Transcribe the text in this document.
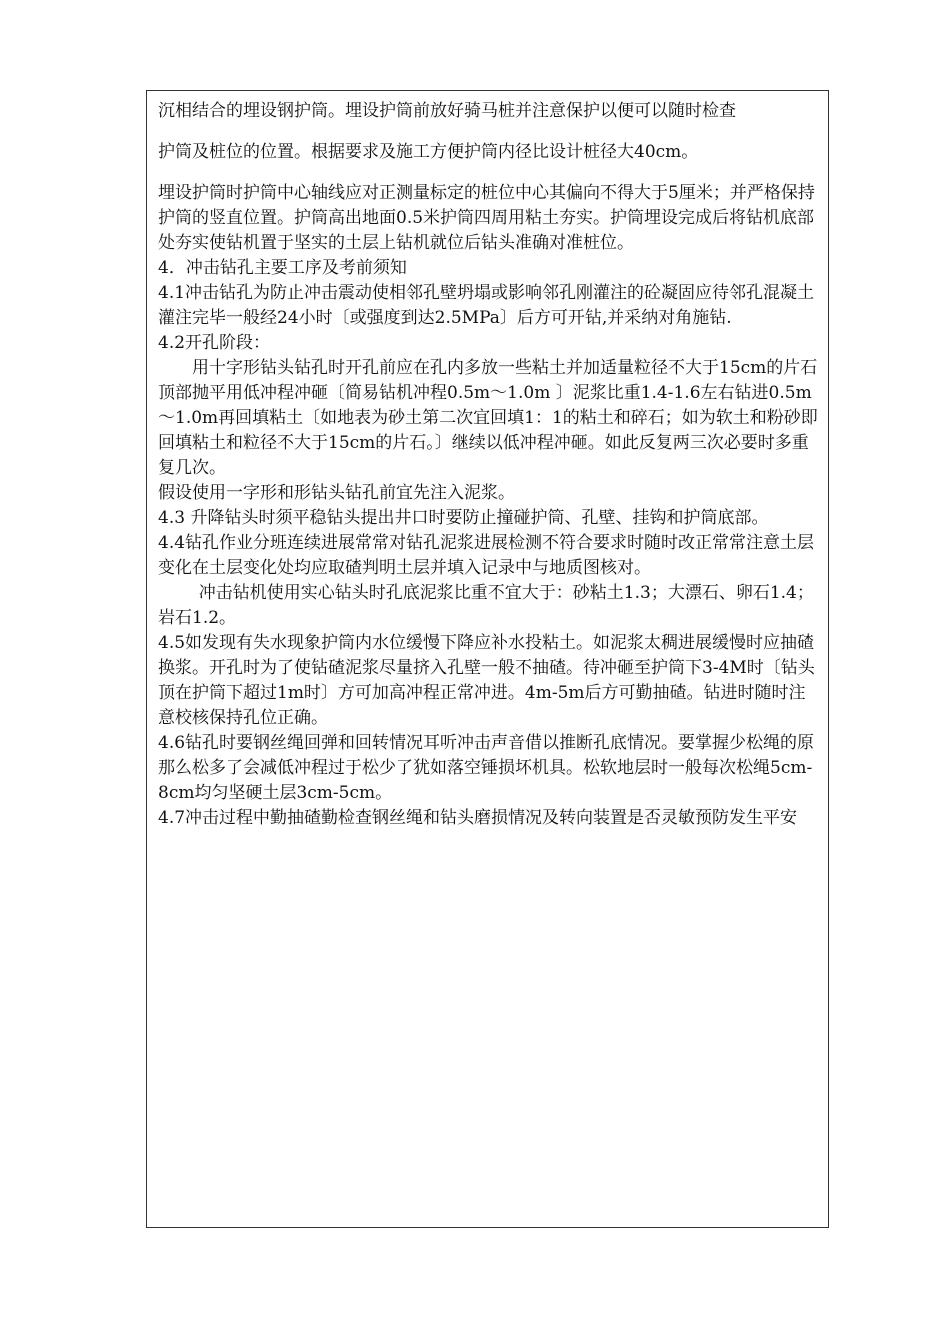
沉相结合的埋设钢护筒。埋设护筒前放好骑马桩并注意保护以便可以随时检查

护筒及桩位的位置。根据要求及施工方便护筒内径比设计桩径大40cm。

埋设护筒时护筒中心轴线应对正测量标定的桩位中心其偏向不得大于5厘米；并严格保持护筒的竖直位置。护筒高出地面0.5米护筒四周用粘土夯实。护筒埋设完成后将钻机底部处夯实使钻机置于坚实的土层上钻机就位后钻头准确对准桩位。

4．冲击钻孔主要工序及考前须知

4.1冲击钻孔为防止冲击震动使相邻孔壁坍塌或影响邻孔刚灌注的砼凝固应待邻孔混凝土灌注完毕一般经24小时〔或强度到达2.5MPa〕后方可开钻,并采纳对角施钻.

4.2开孔阶段：

用十字形钻头钻孔时开孔前应在孔内多放一些粘土并加适量粒径不大于15cm的片石顶部抛平用低冲程冲砸〔简易钻机冲程0.5m～1.0m 〕泥浆比重1.4-1.6左右钻进0.5m～1.0m再回填粘土〔如地表为砂土第二次宜回填1：1的粘土和碎石；如为软土和粉砂即回填粘土和粒径不大于15cm的片石。〕继续以低冲程冲砸。如此反复两三次必要时多重复几次。

假设使用一字形和形钻头钻孔前宜先注入泥浆。

4.3 升降钻头时须平稳钻头提出井口时要防止撞碰护筒、孔壁、挂钩和护筒底部。

4.4钻孔作业分班连续进展常常对钻孔泥浆进展检测不符合要求时随时改正常常注意土层变化在土层变化处均应取碴判明土层并填入记录中与地质图核对。

冲击钻机使用实心钻头时孔底泥浆比重不宜大于：砂粘土1.3；大漂石、卵石1.4；岩石1.2。

4.5如发现有失水现象护筒内水位缓慢下降应补水投粘土。如泥浆太稠进展缓慢时应抽碴换浆。开孔时为了使钻碴泥浆尽量挤入孔壁一般不抽碴。待冲砸至护筒下3-4M时〔钻头顶在护筒下超过1m时〕方可加高冲程正常冲进。4m-5m后方可勤抽碴。钻进时随时注意校核保持孔位正确。

4.6钻孔时要钢丝绳回弹和回转情况耳听冲击声音借以推断孔底情况。要掌握少松绳的原那么松多了会减低冲程过于松少了犹如落空锤损坏机具。松软地层时一般每次松绳5cm-8cm均匀坚硬土层3cm-5cm。

4.7冲击过程中勤抽碴勤检查钢丝绳和钻头磨损情况及转向装置是否灵敏预防发生平安
